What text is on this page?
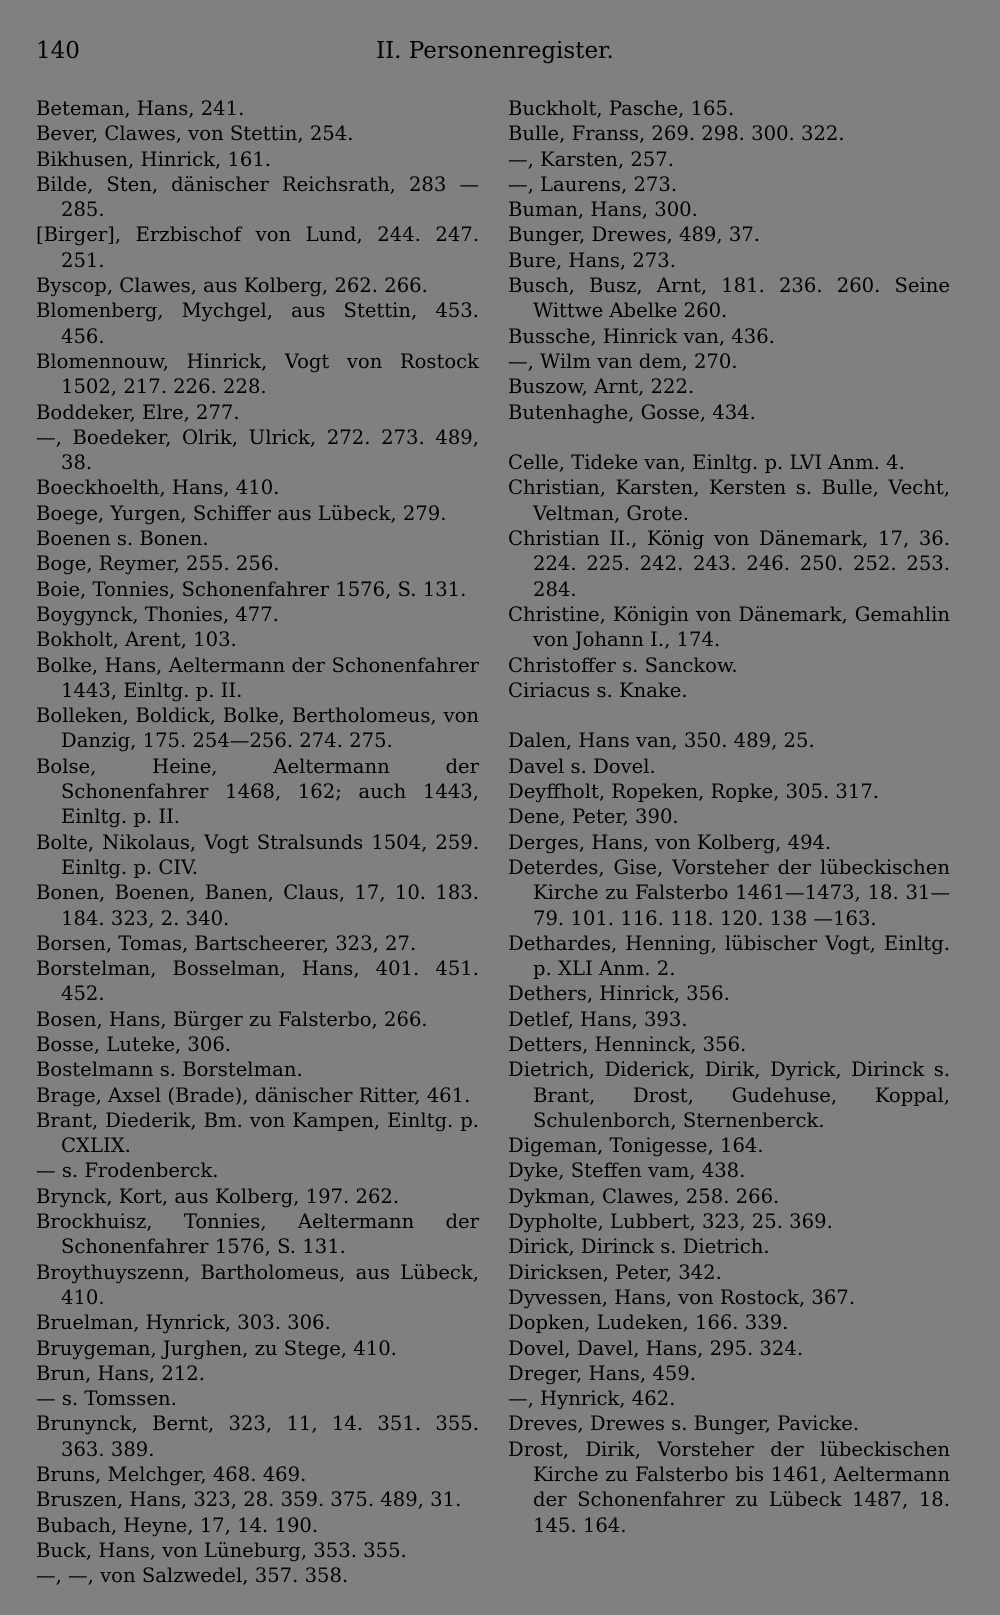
140	II. Personenregister.
Beteman, Hans, 241.
Bever, Clawes, von Stettin, 254.
Bikhusen, Hinrick, 161.
Bilde, Sten, dänischer Reichsrath, 283 —285.
[Birger], Erzbischof von Lund, 244. 247. 251.
Byscop, Clawes, aus Kolberg, 262. 266.
Blomenberg, Mychgel, aus Stettin, 453. 456.
Blomennouw, Hinrick, Vogt von Rostock 1502, 217. 226. 228.
Boddeker, Elre, 277.
—, Boedeker, Olrik, Ulrick, 272. 273. 489, 38.
Boeckhoelth, Hans, 410.
Boege, Yurgen, Schiffer aus Lübeck, 279.
Boenen s. Bonen.
Boge, Reymer, 255. 256.
Boie, Tonnies, Schonenfahrer 1576, S. 131.
Boygynck, Thonies, 477.
Bokholt, Arent, 103.
Bolke, Hans, Aeltermann der Schonenfahrer 1443, Einltg. p. II.
Bolleken, Boldick, Bolke, Bertholomeus, von Danzig, 175. 254—256. 274. 275.
Bolse, Heine, Aeltermann der Schonenfahrer 1468, 162; auch 1443, Einltg. p. II.
Bolte, Nikolaus, Vogt Stralsunds 1504, 259. Einltg. p. CIV.
Bonen, Boenen, Banen, Claus, 17, 10. 183. 184. 323, 2. 340.
Borsen, Tomas, Bartscheerer, 323, 27.
Borstelman, Bosselman, Hans, 401. 451. 452.
Bosen, Hans, Bürger zu Falsterbo, 266.
Bosse, Luteke, 306.
Bostelmann s. Borstelman.
Brage, Axsel (Brade), dänischer Ritter, 461.
Brant, Diederik, Bm. von Kampen, Einltg. p. CXLIX.
— s. Frodenberck.
Brynck, Kort, aus Kolberg, 197. 262.
Brockhuisz, Tonnies, Aeltermann der Schonenfahrer 1576, S. 131.
Broythuyszenn, Bartholomeus, aus Lübeck, 410.
Bruelman, Hynrick, 303. 306.
Bruygeman, Jurghen, zu Stege, 410.
Brun, Hans, 212.
— s. Tomssen.
Brunynck, Bernt, 323, 11, 14. 351. 355. 363. 389.
Bruns, Melchger, 468. 469.
Bruszen, Hans, 323, 28. 359. 375. 489, 31.
Bubach, Heyne, 17, 14. 190.
Buck, Hans, von Lüneburg, 353. 355.
—, —, von Salzwedel, 357. 358.
Buckholt, Pasche, 165.
Bulle, Franss, 269. 298. 300. 322.
—, Karsten, 257.
—, Laurens, 273.
Buman, Hans, 300.
Bunger, Drewes, 489, 37.
Bure, Hans, 273.
Busch, Busz, Arnt, 181. 236. 260. Seine Wittwe Abelke 260.
Bussche, Hinrick van, 436.
—, Wilm van dem, 270.
Buszow, Arnt, 222.
Butenhaghe, Gosse, 434.
Celle, Tideke van, Einltg. p. LVI Anm. 4.
Christian, Karsten, Kersten s. Bulle, Vecht, Veltman, Grote.
Christian II., König von Dänemark, 17, 36. 224. 225. 242. 243. 246. 250. 252. 253. 284.
Christine, Königin von Dänemark, Gemahlin von Johann I., 174.
Christoffer s. Sanckow.
Ciriacus s. Knake.
Dalen, Hans van, 350. 489, 25.
Davel s. Dovel.
Deyffholt, Ropeken, Ropke, 305. 317.
Dene, Peter, 390.
Derges, Hans, von Kolberg, 494.
Deterdes, Gise, Vorsteher der lübeckischen Kirche zu Falsterbo 1461—1473, 18. 31—79. 101. 116. 118. 120. 138 —163.
Dethardes, Henning, lübischer Vogt, Einltg. p. XLI Anm. 2.
Dethers, Hinrick, 356.
Detlef, Hans, 393.
Detters, Henninck, 356.
Dietrich, Diderick, Dirik, Dyrick, Dirinck s. Brant, Drost, Gudehuse, Koppal, Schulenborch, Sternenberck.
Digeman, Tonigesse, 164.
Dyke, Steffen vam, 438.
Dykman, Clawes, 258. 266.
Dypholte, Lubbert, 323, 25. 369.
Dirick, Dirinck s. Dietrich.
Diricksen, Peter, 342.
Dyvessen, Hans, von Rostock, 367.
Dopken, Ludeken, 166. 339.
Dovel, Davel, Hans, 295. 324.
Dreger, Hans, 459.
—, Hynrick, 462.
Dreves, Drewes s. Bunger, Pavicke.
Drost, Dirik, Vorsteher der lübeckischen Kirche zu Falsterbo bis 1461, Aeltermann der Schonenfahrer zu Lübeck 1487, 18. 145. 164.
